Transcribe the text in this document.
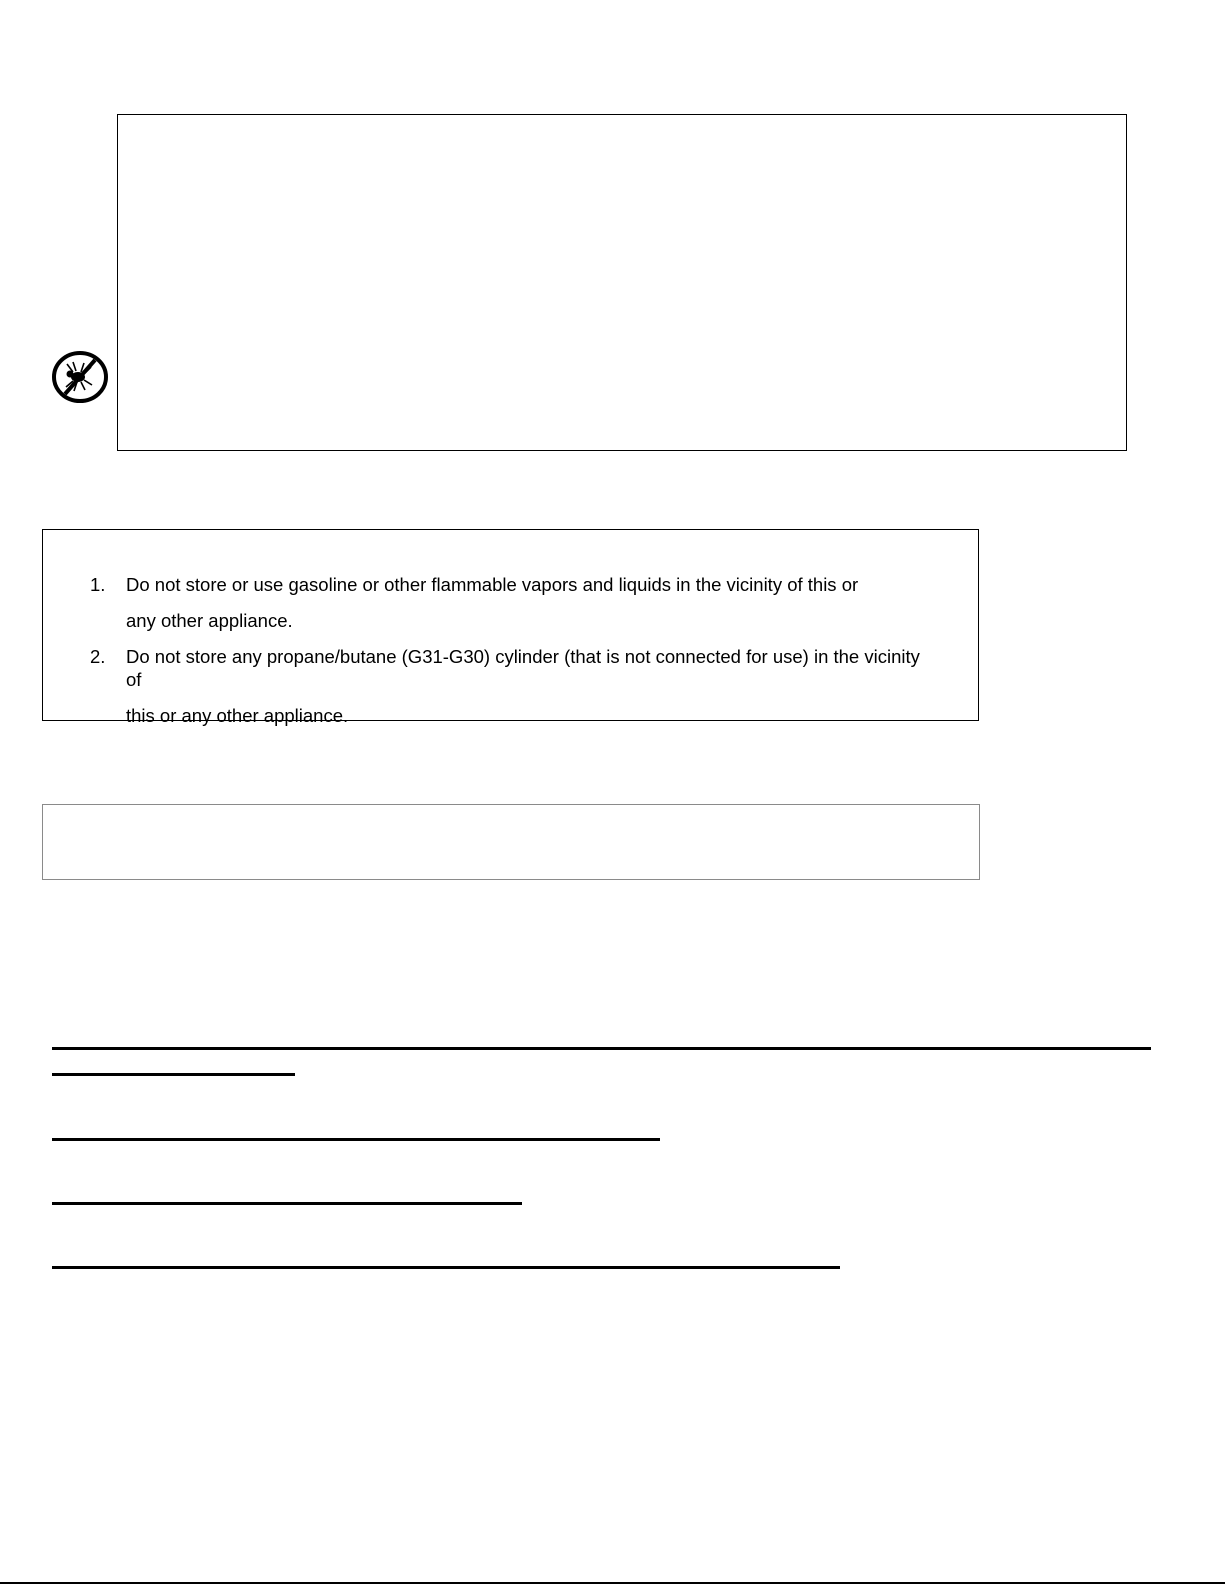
1. Do not store or use gasoline or other flammable vapors and liquids in the vicinity of this or
any other appliance.
2. Do not store any propane/butane (G31-G30) cylinder (that is not connected for use) in the vicinity
of
this or any other appliance.
